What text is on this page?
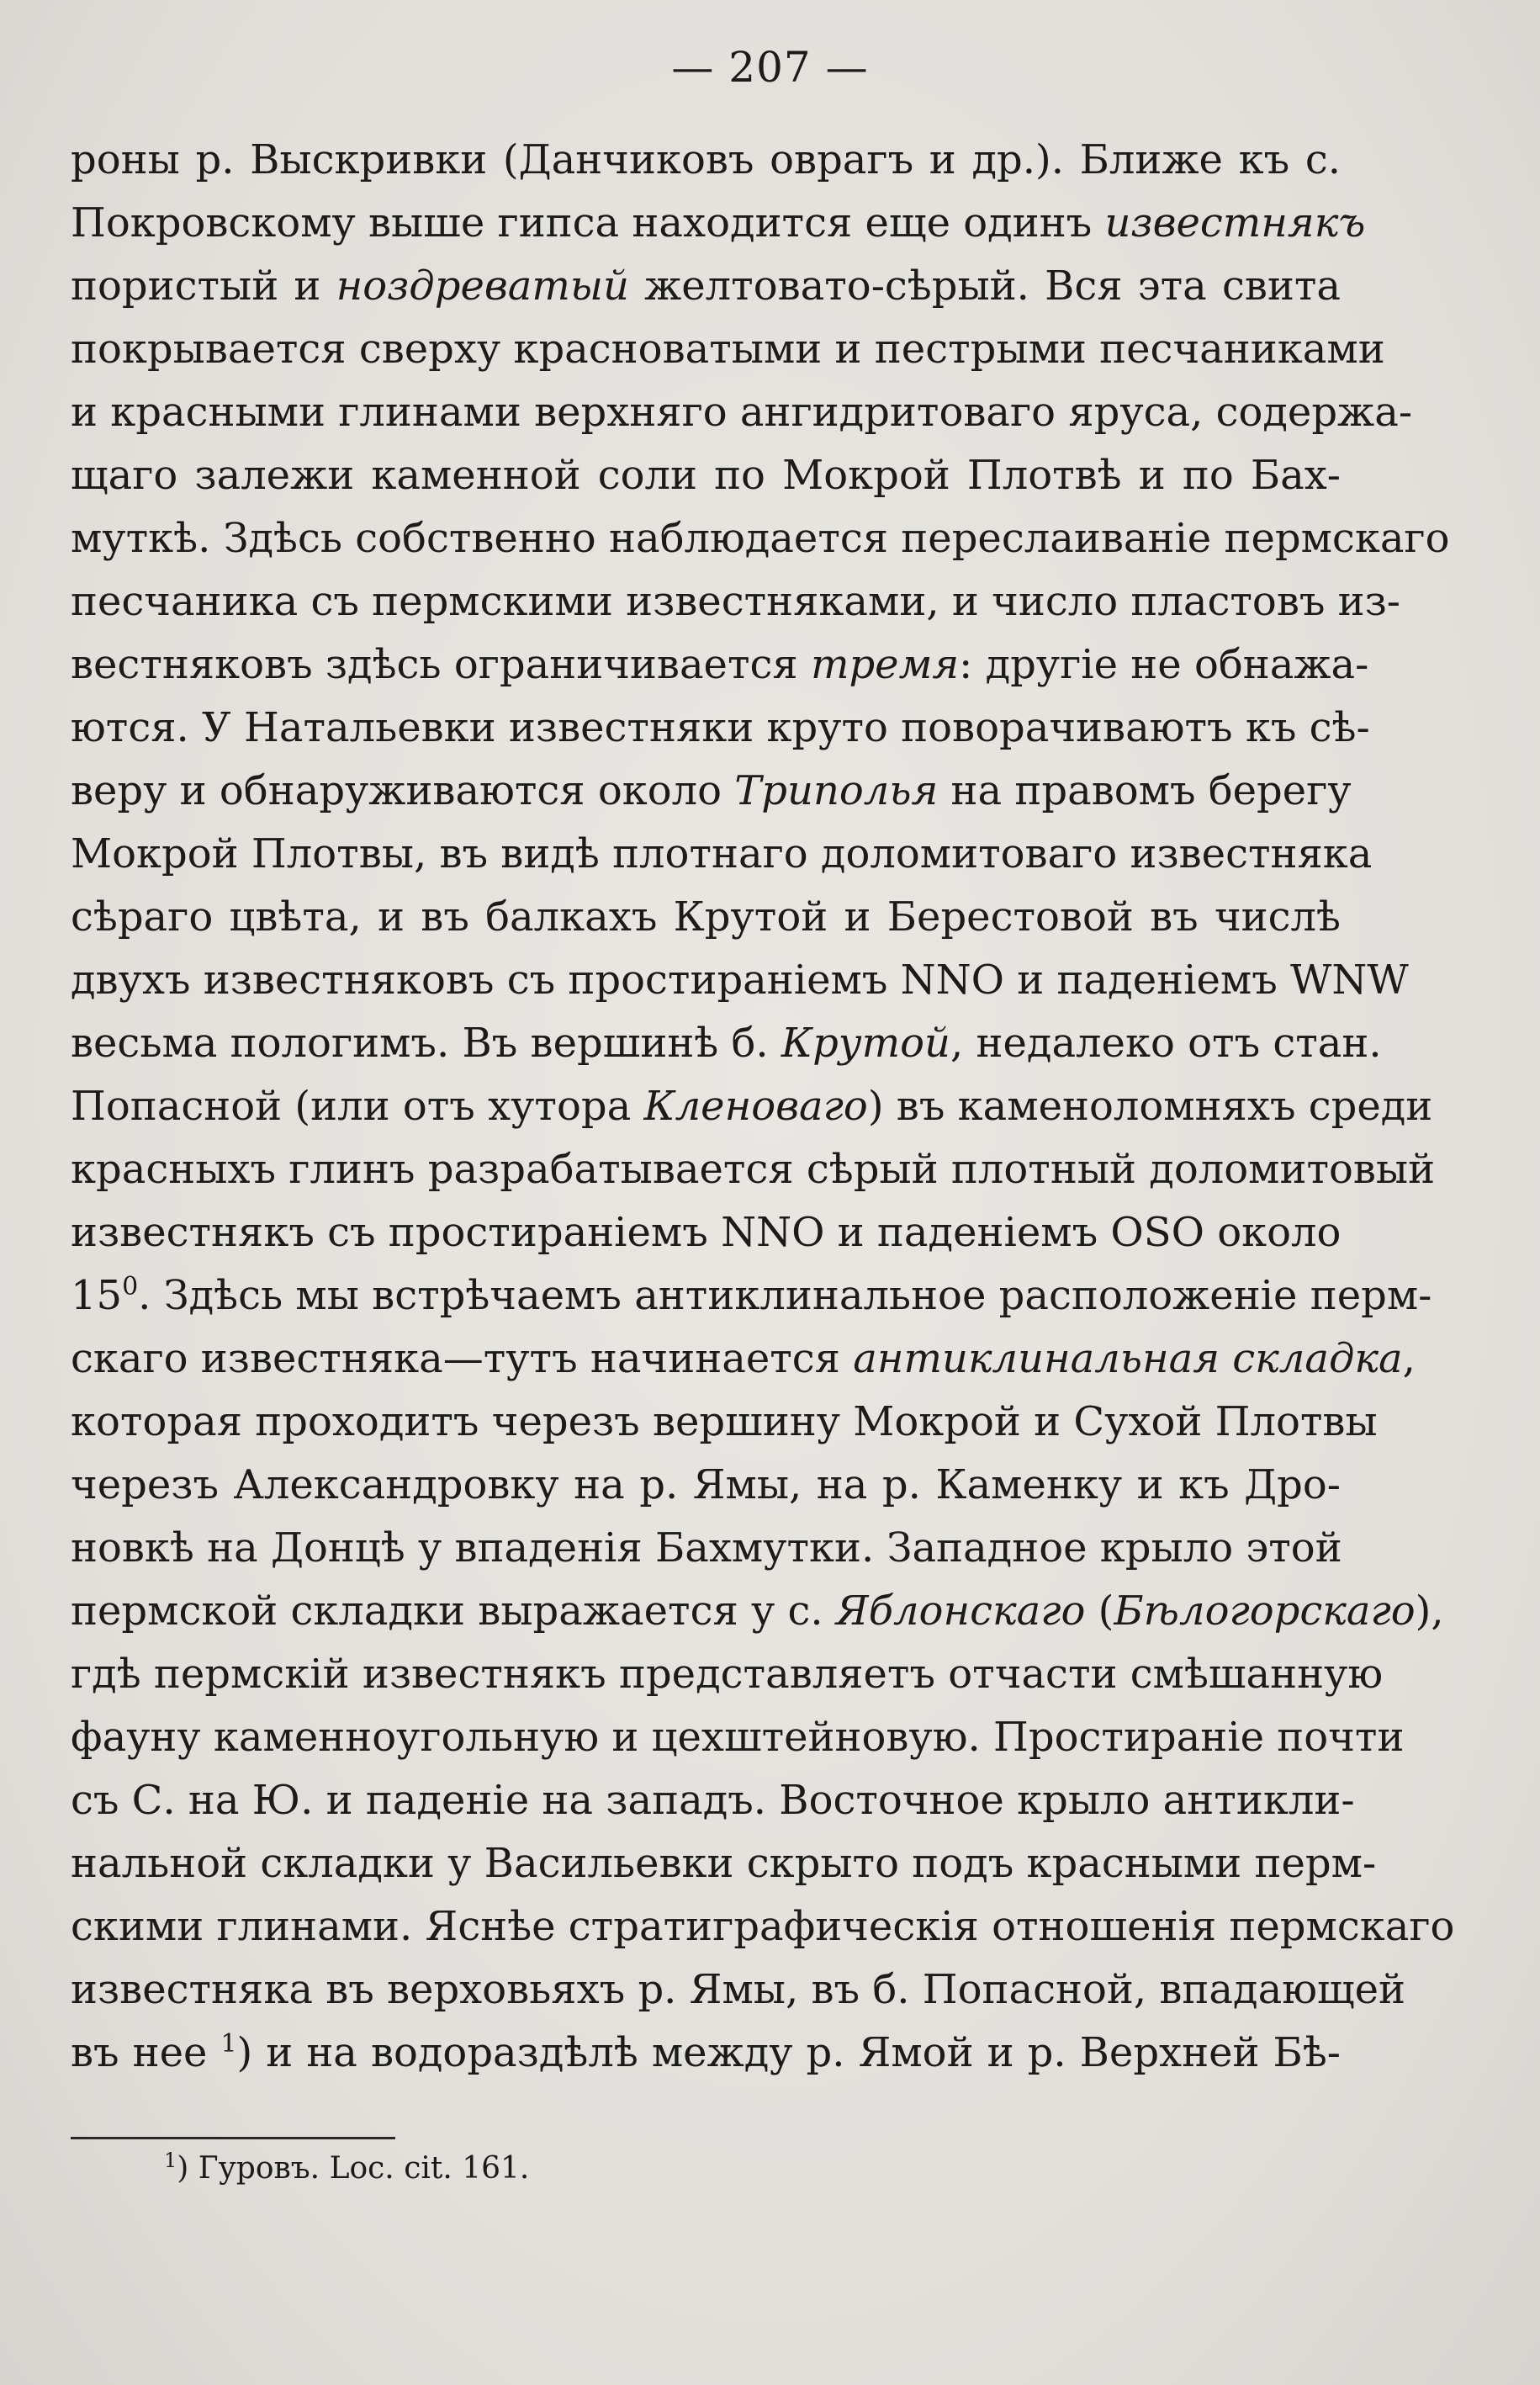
— 207 —
роны р. Выскривки (Данчиковъ оврагъ и др.). Ближе къ с.
Покровскому выше гипса находится еще одинъ известнякъ
пористый и ноздреватый желтовато-сѣрый. Вся эта свита
покрывается сверху красноватыми и пестрыми песчаниками
и красными глинами верхняго ангидритоваго яруса, содержа-
щаго залежи каменной соли по Мокрой Плотвѣ и по Бах-
муткѣ. Здѣсь собственно наблюдается переслаиваніе пермскаго
песчаника съ пермскими известняками, и число пластовъ из-
вестняковъ здѣсь ограничивается тремя: другіе не обнажа-
ются. У Натальевки известняки круто поворачиваютъ къ сѣ-
веру и обнаруживаются около Триполья на правомъ берегу
Мокрой Плотвы, въ видѣ плотнаго доломитоваго известняка
сѣраго цвѣта, и въ балкахъ Крутой и Берестовой въ числѣ
двухъ известняковъ съ простираніемъ NNO и паденіемъ WNW
весьма пологимъ. Въ вершинѣ б. Крутой, недалеко отъ стан.
Попасной (или отъ хутора Кленоваго) въ каменоломняхъ среди
красныхъ глинъ разрабатывается сѣрый плотный доломитовый
известнякъ съ простираніемъ NNO и паденіемъ OSO около
$15^0$. Здѣсь мы встрѣчаемъ антиклинальное расположеніе перм-
скаго известняка—тутъ начинается антиклинальная складка,
которая проходитъ черезъ вершину Мокрой и Сухой Плотвы
черезъ Александровку на р. Ямы, на р. Каменку и къ Дро-
новкѣ на Донцѣ у впаденія Бахмутки. Западное крыло этой
пермской складки выражается у с. Яблонскаго (Бѣлогорскаго),
гдѣ пермскій известнякъ представляетъ отчасти смѣшанную
фауну каменноугольную и цехштейновую. Простираніе почти
съ С. на Ю. и паденіе на западъ. Восточное крыло антикли-
нальной складки у Васильевки скрыто подъ красными перм-
скими глинами. Яснѣе стратиграфическія отношенія пермскаго
известняка въ верховьяхъ р. Ямы, въ б. Попасной, впадающей
въ нее $^1$) и на водораздѣлѣ между р. Ямой и р. Верхней Бѣ-
$^1$) Гуровъ. Loc. cit. 161.
